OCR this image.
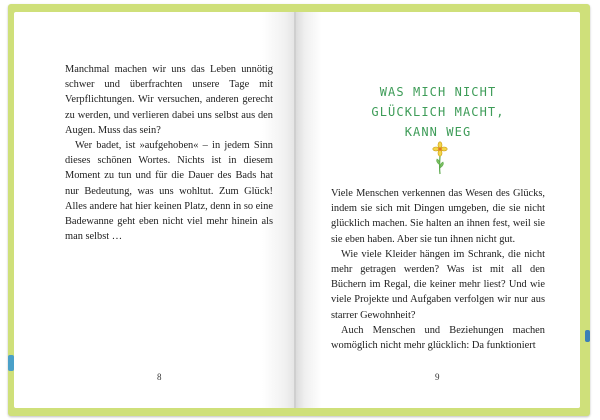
Manchmal machen wir uns das Leben unnötig schwer und überfrachten unsere Tage mit Verpflichtungen. Wir versuchen, anderen gerecht zu werden, und verlieren dabei uns selbst aus den Augen. Muss das sein?

Wer badet, ist »aufgehoben« – in jedem Sinn dieses schönen Wortes. Nichts ist in diesem Moment zu tun und für die Dauer des Bads hat nur Bedeutung, was uns wohltut. Zum Glück! Alles andere hat hier keinen Platz, denn in so eine Badewanne geht eben nicht viel mehr hinein als man selbst …

8
WAS MICH NICHT
GLÜCKLICH MACHT,
KANN WEG

Viele Menschen verkennen das Wesen des Glücks, indem sie sich mit Dingen umgeben, die sie nicht glücklich machen. Sie halten an ihnen fest, weil sie sie eben haben. Aber sie tun ihnen nicht gut.

Wie viele Kleider hängen im Schrank, die nicht mehr getragen werden? Was ist mit all den Büchern im Regal, die keiner mehr liest? Und wie viele Projekte und Aufgaben verfolgen wir nur aus starrer Gewohnheit?

Auch Menschen und Beziehungen machen womöglich nicht mehr glücklich: Da funktioniert

9
